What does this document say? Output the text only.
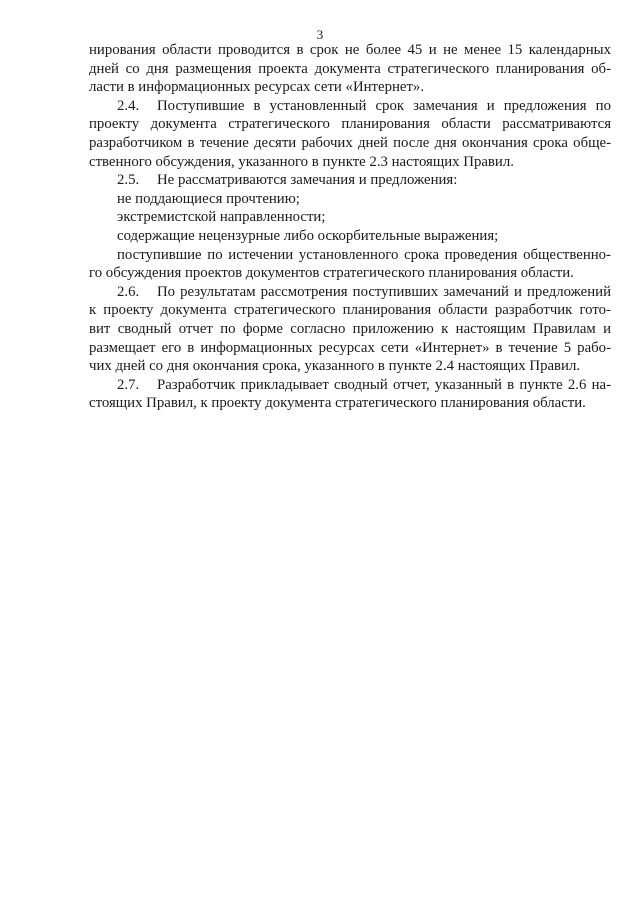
3
нирования области проводится в срок не более 45 и не менее 15 календарных
дней со дня размещения проекта документа стратегического планирования об-
ласти в информационных ресурсах сети «Интернет».
2.4. Поступившие в установленный срок замечания и предложения по
проекту документа стратегического планирования области рассматриваются
разработчиком в течение десяти рабочих дней после дня окончания срока обще-
ственного обсуждения, указанного в пункте 2.3 настоящих Правил.
2.5. Не рассматриваются замечания и предложения:
не поддающиеся прочтению;
экстремистской направленности;
содержащие нецензурные либо оскорбительные выражения;
поступившие по истечении установленного срока проведения общественно-
го обсуждения проектов документов стратегического планирования области.
2.6. По результатам рассмотрения поступивших замечаний и предложений
к проекту документа стратегического планирования области разработчик гото-
вит сводный отчет по форме согласно приложению к настоящим Правилам и
размещает его в информационных ресурсах сети «Интернет» в течение 5 рабо-
чих дней со дня окончания срока, указанного в пункте 2.4 настоящих Правил.
2.7. Разработчик прикладывает сводный отчет, указанный в пункте 2.6 на-
стоящих Правил, к проекту документа стратегического планирования области.
